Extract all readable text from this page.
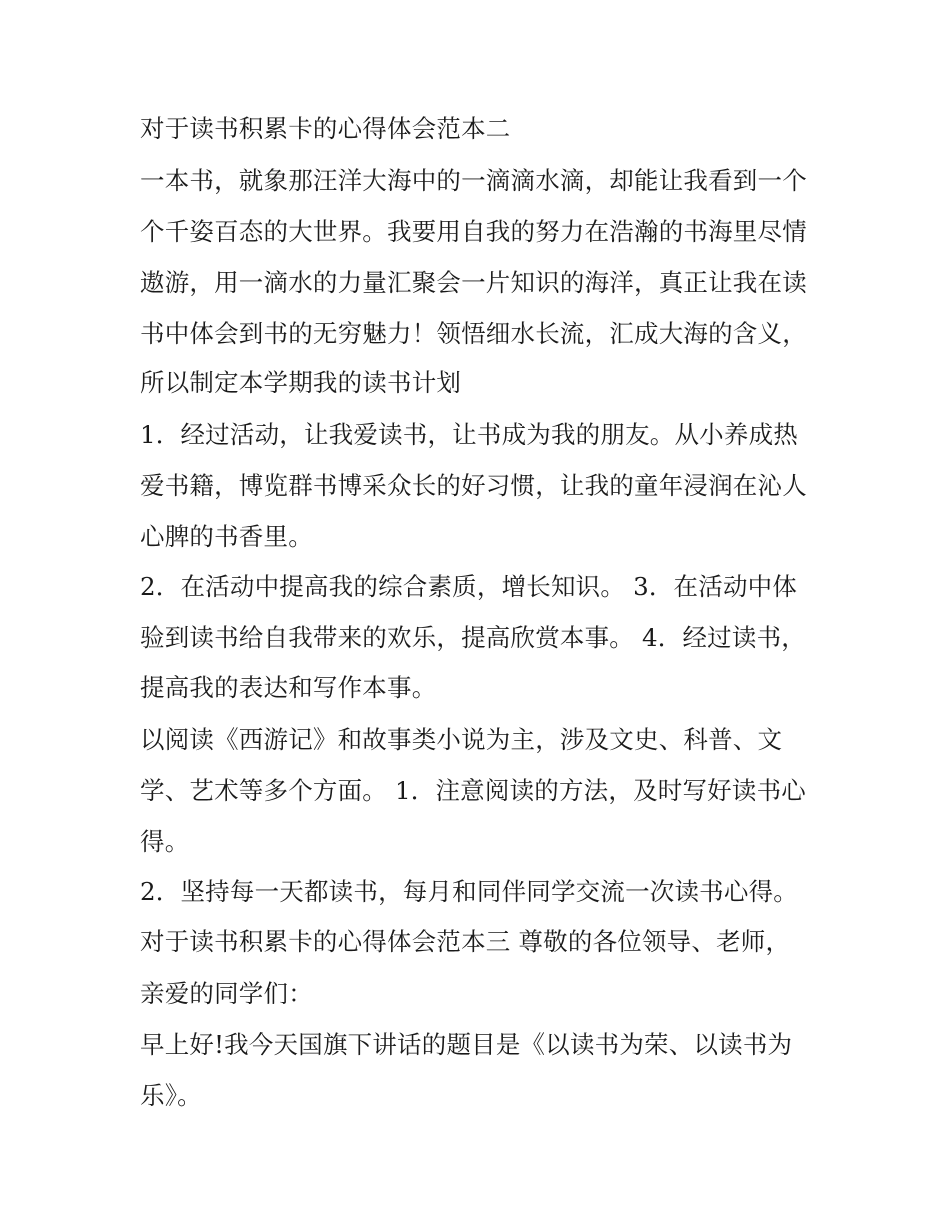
对于读书积累卡的心得体会范本二
一本书，就象那汪洋大海中的一滴滴水滴，却能让我看到一个
个千姿百态的大世界。我要用自我的努力在浩瀚的书海里尽情
遨游，用一滴水的力量汇聚会一片知识的海洋，真正让我在读
书中体会到书的无穷魅力！领悟细水长流，汇成大海的含义，
所以制定本学期我的读书计划
1．经过活动，让我爱读书，让书成为我的朋友。从小养成热
爱书籍，博览群书博采众长的好习惯，让我的童年浸润在沁人
心脾的书香里。
2．在活动中提高我的综合素质，增长知识。 3．在活动中体
验到读书给自我带来的欢乐，提高欣赏本事。 4．经过读书，
提高我的表达和写作本事。
以阅读《西游记》和故事类小说为主，涉及文史、科普、文
学、艺术等多个方面。 1．注意阅读的方法，及时写好读书心
得。
2．坚持每一天都读书，每月和同伴同学交流一次读书心得。
对于读书积累卡的心得体会范本三 尊敬的各位领导、老师，
亲爱的同学们：
早上好!我今天国旗下讲话的题目是《以读书为荣、以读书为
乐》。
